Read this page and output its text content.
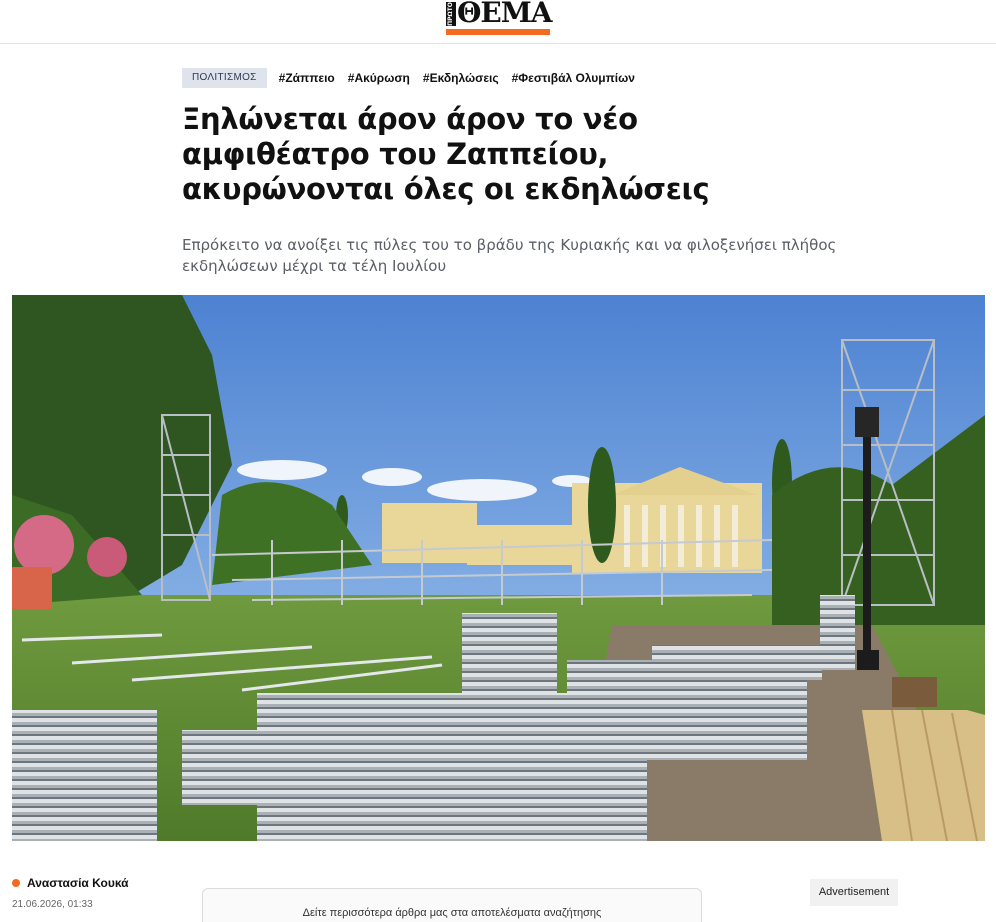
ΠΡΩΤΟ ΘΕΜΑ
ΠΟΛΙΤΙΣΜΟΣ	#Ζάππειο #Ακύρωση #Εκδηλώσεις #Φεστιβάλ Ολυμπίων
Ξηλώνεται άρον άρον το νέο αμφιθέατρο του Ζαππείου, ακυρώνονται όλες οι εκδηλώσεις

Επρόκειτο να ανοίξει τις πύλες του το βράδυ της Κυριακής και να φιλοξενήσει πλήθος εκδηλώσεων μέχρι τα τέλη Ιουλίου

Αναστασία Κουκά
21.06.2026, 01:33
Δείτε περισσότερα άρθρα μας στα αποτελέσματα αναζήτησης
Advertisement
